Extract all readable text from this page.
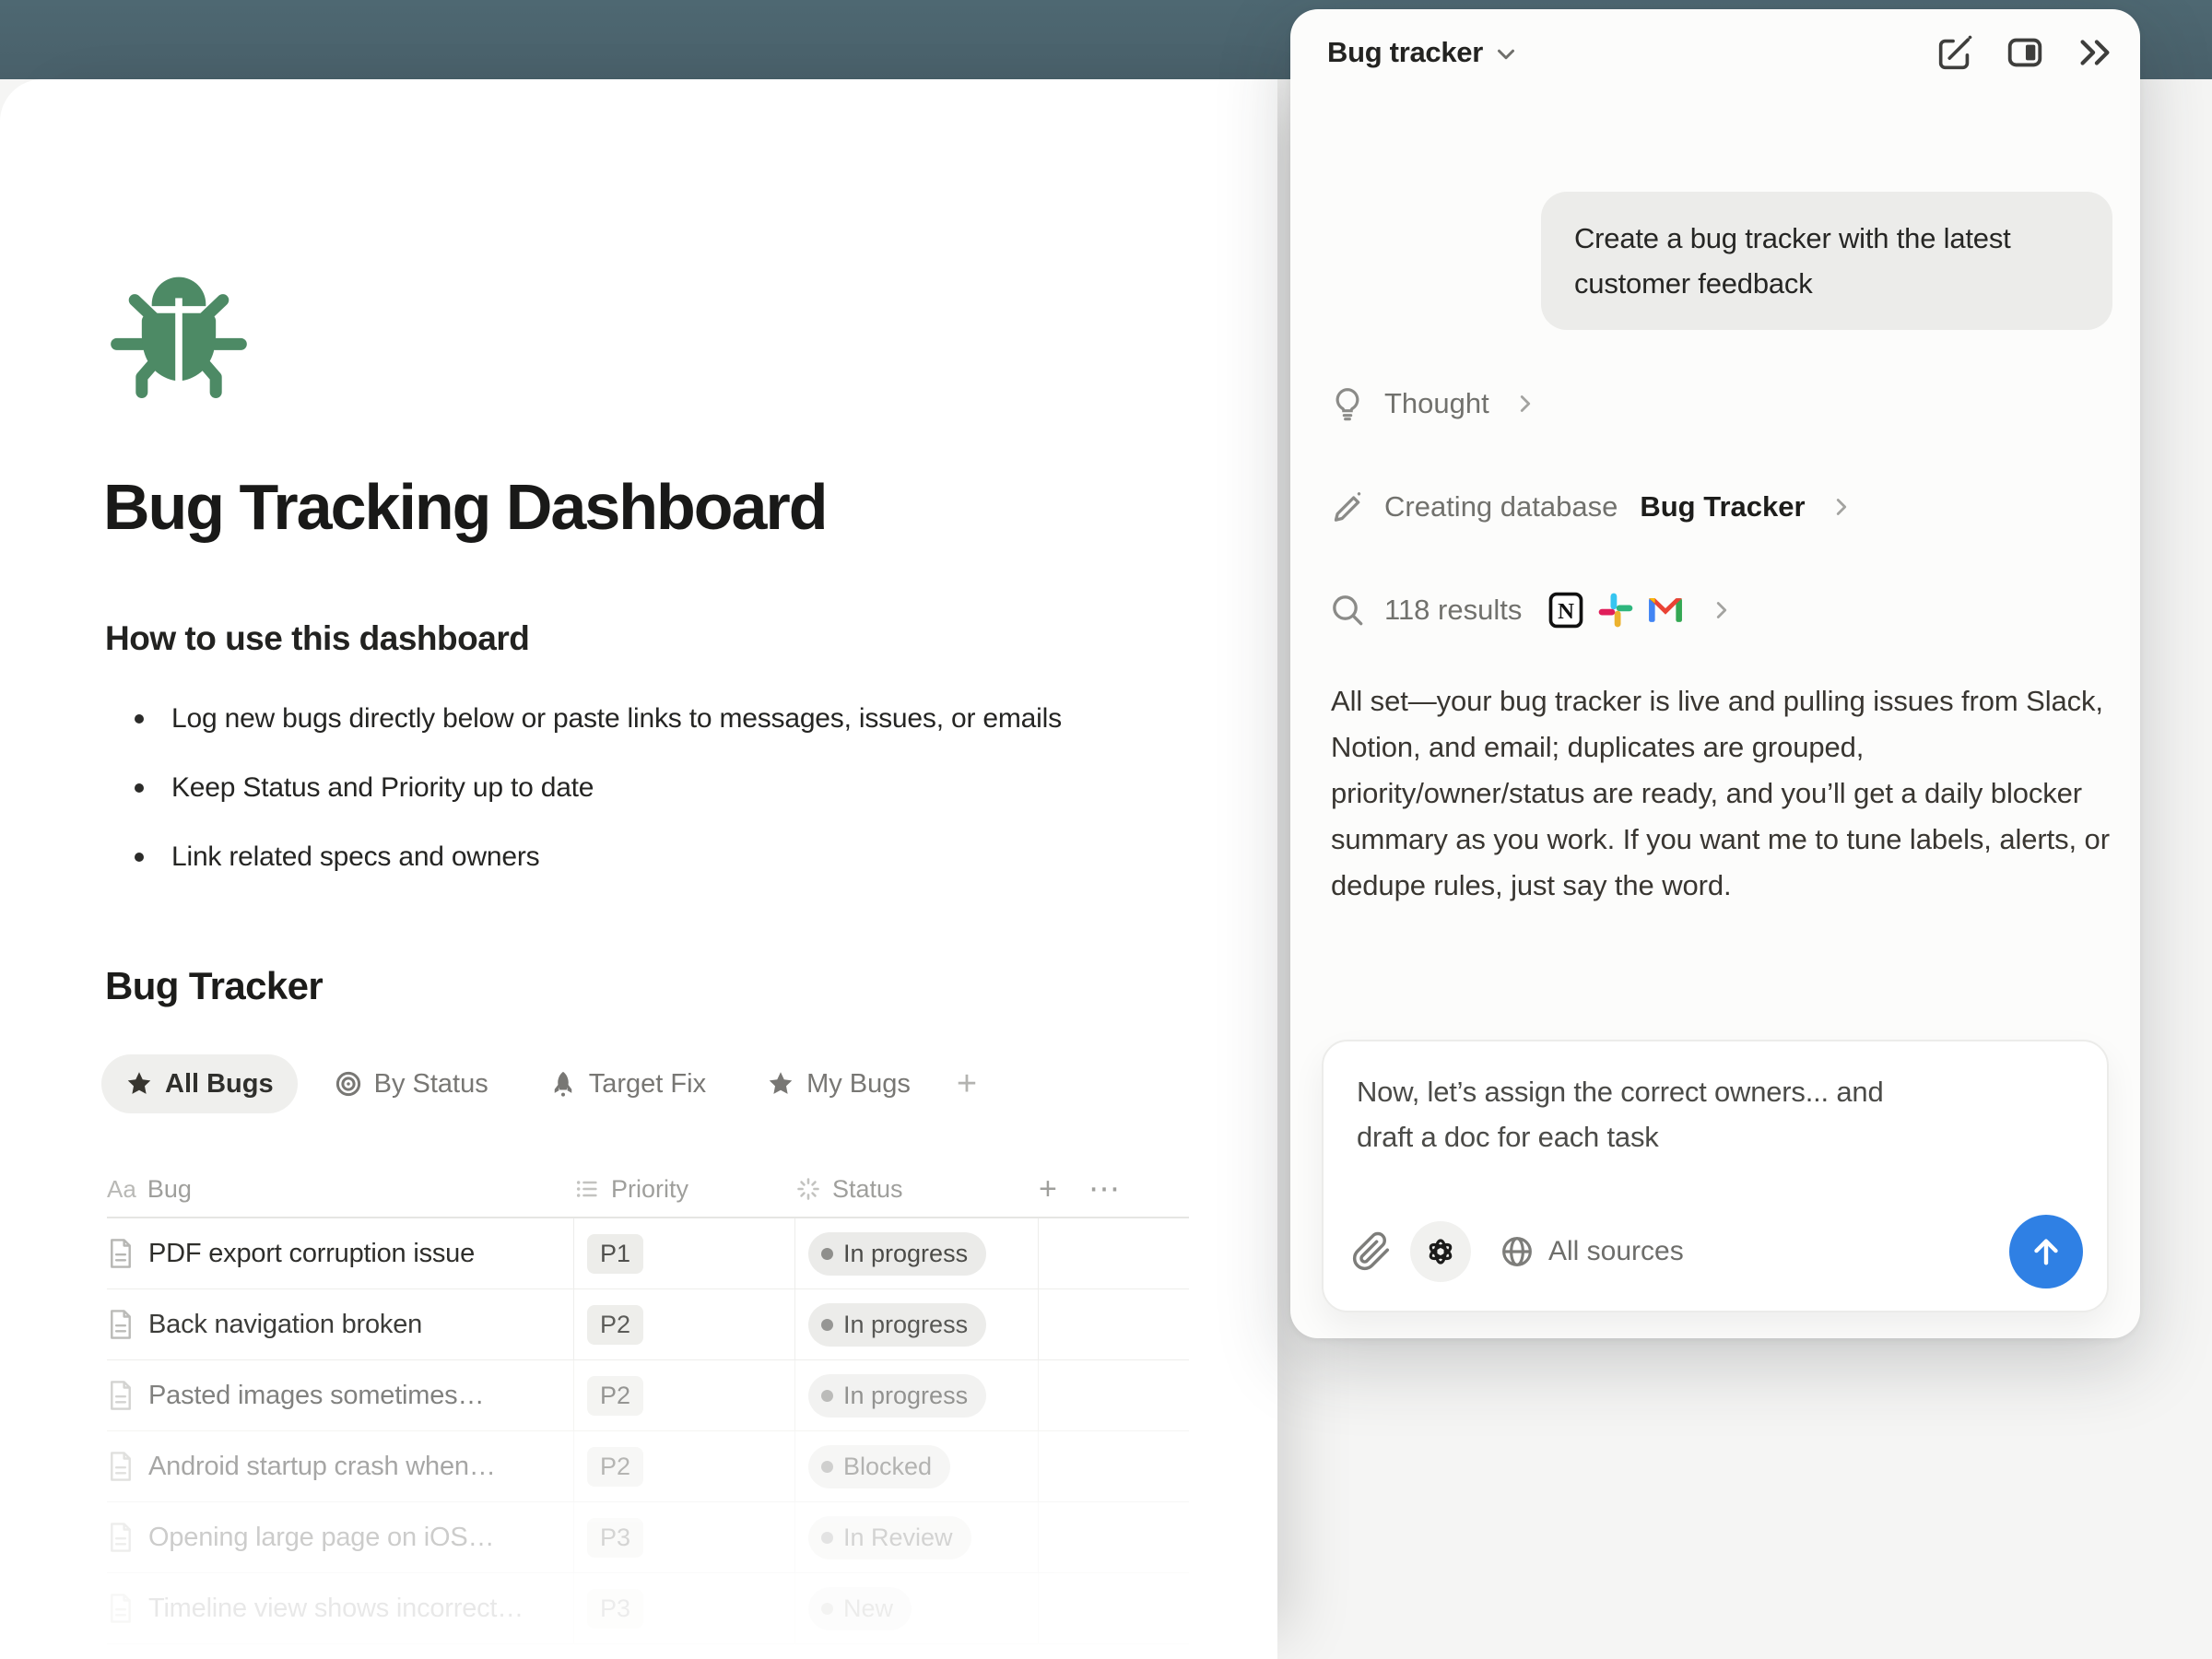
Bug Tracking Dashboard
How to use this dashboard
Log new bugs directly below or paste links to messages, issues, or emails
Keep Status and Priority up to date
Link related specs and owners
Bug Tracker
All Bugs	By Status	Target Fix	My Bugs +
Aa Bug	Priority	Status	+ ⋯
PDF export corruption issue	P1	In progress
Back navigation broken	P2	In progress
Pasted images sometimes…	P2	In progress
Android startup crash when…	P2	Blocked
Opening large page on iOS…	P3	In Review
Timeline view shows incorrect…	P3	New
Bug tracker
Create a bug tracker with the latest customer feedback
Thought
Creating database Bug Tracker
118 results	N

All set—your bug tracker is live and pulling issues from Slack, Notion, and email; duplicates are grouped, priority/owner/status are ready, and you’ll get a daily blocker summary as you work. If you want me to tune labels, alerts, or dedupe rules, just say the word.

Now, let’s assign the correct owners... and draft a doc for each task
All sources
